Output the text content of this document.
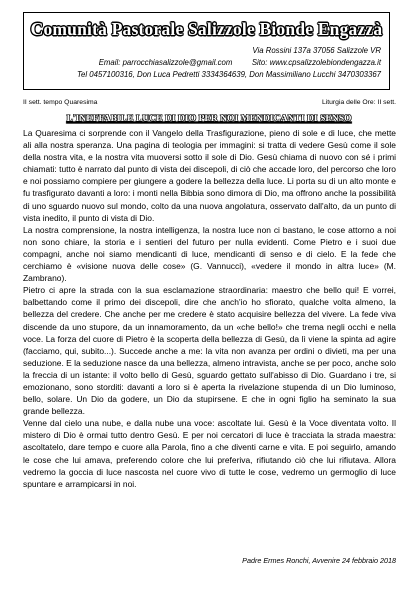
Comunità Pastorale Salizzole Bionde Engazzà
Via Rossini 137a 37056 Salizzole VR
Email: parrocchiasalizzole@gmail.com	Sito: www.cpsalizzolebiondengazza.it
Tel 0457100316, Don Luca Pedretti 3334364639, Don Massimiliano Lucchi 3470303367
II sett. tempo Quaresima	Liturgia delle Ore: II sett.
L'INEFFABILE LUCE DI DIO PER NOI MENDICANTI DI SENSO

La Quaresima ci sorprende con il Vangelo della Trasfigurazione, pieno di sole e di luce, che mette ali alla nostra speranza. Una pagina di teologia per immagini: si tratta di vedere Gesù come il sole della nostra vita, e la nostra vita muoversi sotto il sole di Dio. Gesù chiama di nuovo con sé i primi chiamati: tutto è narrato dal punto di vista dei discepoli, di ciò che accade loro, del percorso che loro e noi possiamo compiere per giungere a godere la bellezza della luce. Li porta su di un alto monte e fu trasfigurato davanti a loro: i monti nella Bibbia sono dimora di Dio, ma offrono anche la possibilità di uno sguardo nuovo sul mondo, colto da una nuova angolatura, osservato dall'alto, da un punto di vista inedito, il punto di vista di Dio.

La nostra comprensione, la nostra intelligenza, la nostra luce non ci bastano, le cose attorno a noi non sono chiare, la storia e i sentieri del futuro per nulla evidenti. Come Pietro e i suoi due compagni, anche noi siamo mendicanti di luce, mendicanti di senso e di cielo. E la fede che cerchiamo è «visione nuova delle cose» (G. Vannucci), «vedere il mondo in altra luce» (M. Zambrano).

Pietro ci apre la strada con la sua esclamazione straordinaria: maestro che bello qui! E vorrei, balbettando come il primo dei discepoli, dire che anch'io ho sfiorato, qualche volta almeno, la bellezza del credere. Che anche per me credere è stato acquisire bellezza del vivere. La fede viva discende da uno stupore, da un innamoramento, da un «che bello!» che trema negli occhi e nella voce. La forza del cuore di Pietro è la scoperta della bellezza di Gesù, da lì viene la spinta ad agire (facciamo, qui, subito...). Succede anche a me: la vita non avanza per ordini o divieti, ma per una seduzione. E la seduzione nasce da una bellezza, almeno intravista, anche se per poco, anche solo la freccia di un istante: il volto bello di Gesù, sguardo gettato sull'abisso di Dio. Guardano i tre, si emozionano, sono storditi: davanti a loro si è aperta la rivelazione stupenda di un Dio luminoso, bello, solare. Un Dio da godere, un Dio da stupirsene. E che in ogni figlio ha seminato la sua grande bellezza.

Venne dal cielo una nube, e dalla nube una voce: ascoltate lui. Gesù è la Voce diventata volto. Il mistero di Dio è ormai tutto dentro Gesù. E per noi cercatori di luce è tracciata la strada maestra: ascoltatelo, dare tempo e cuore alla Parola, fino a che diventi carne e vita. E poi seguirlo, amando le cose che lui amava, preferendo colore che lui preferiva, rifiutando ciò che lui rifiutava. Allora vedremo la goccia di luce nascosta nel cuore vivo di tutte le cose, vedremo un germoglio di luce spuntare e arrampicarsi in noi.

Padre Ermes Ronchi, Avvenire 24 febbraio 2018
